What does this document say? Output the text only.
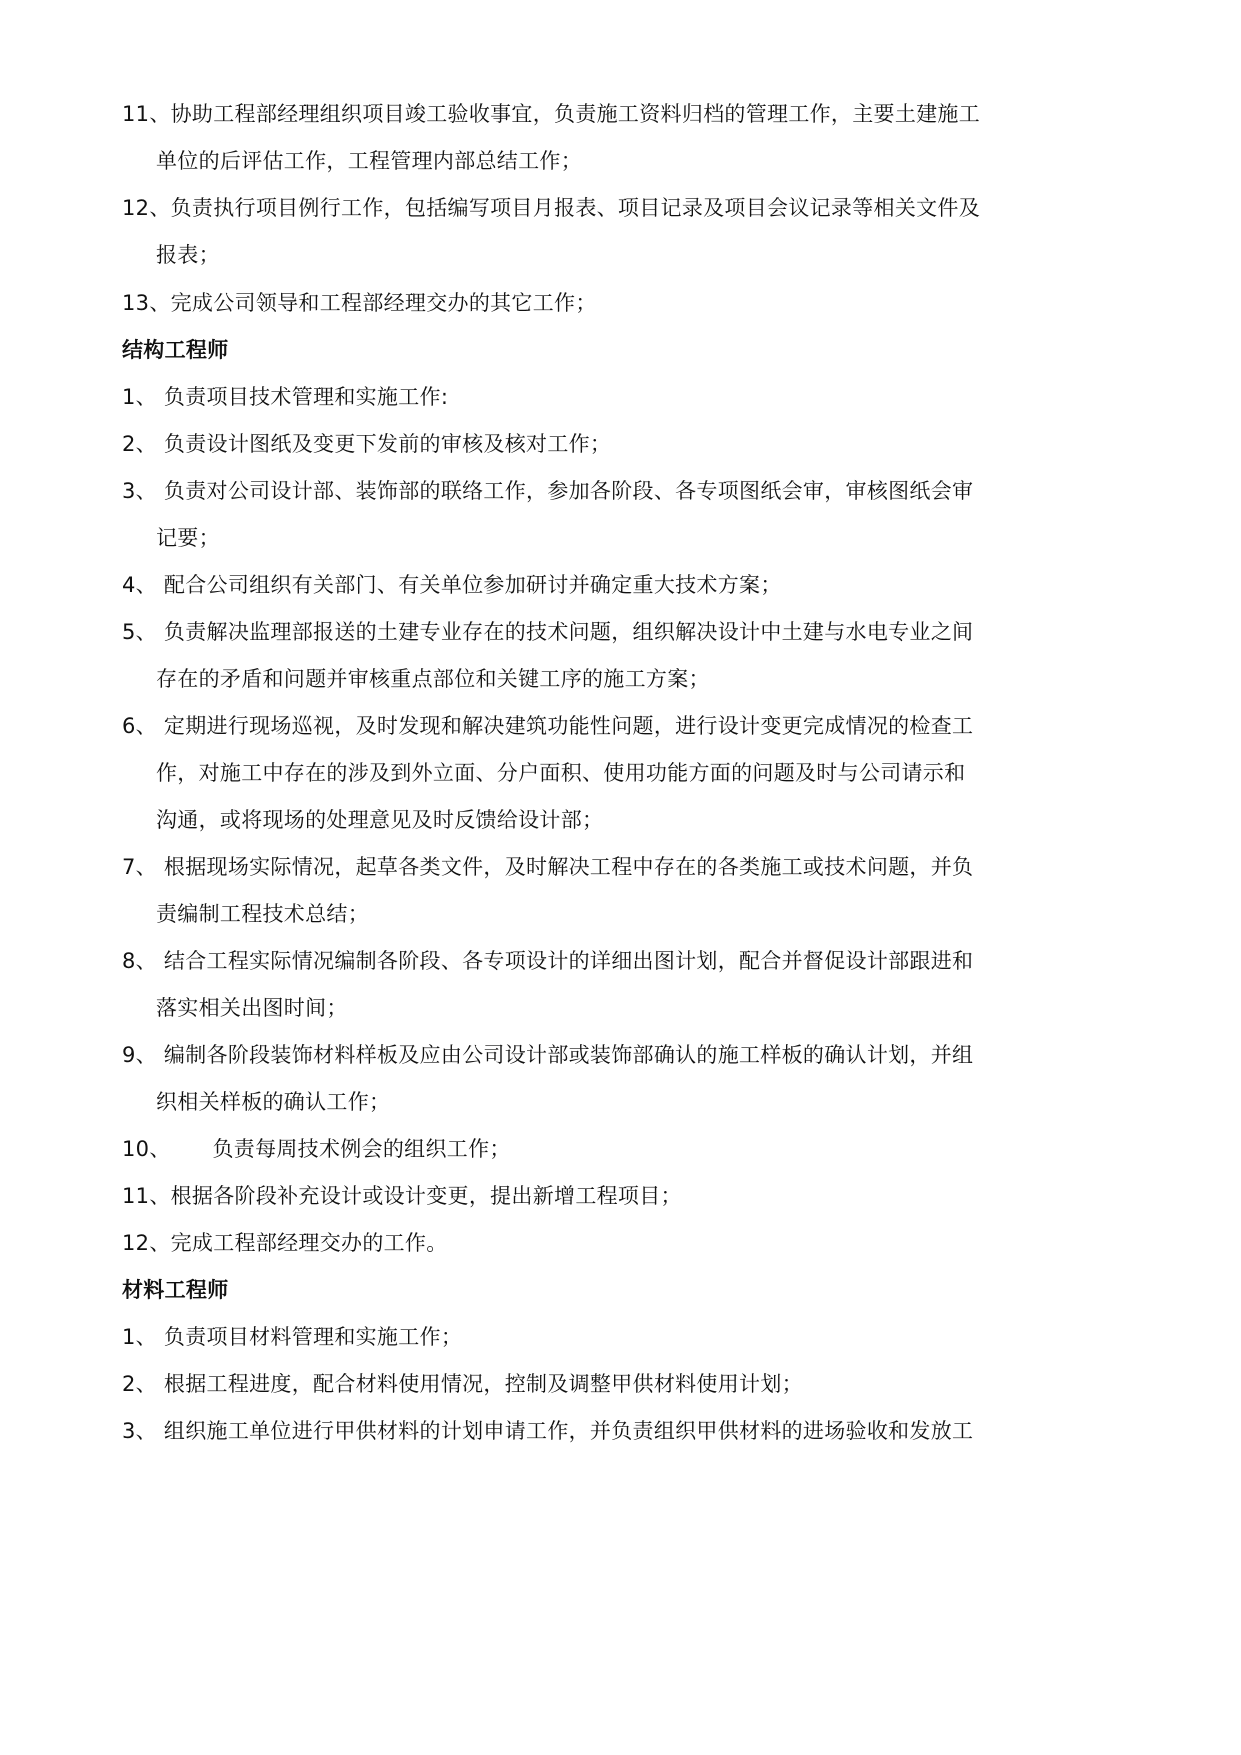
11、协助工程部经理组织项目竣工验收事宜，负责施工资料归档的管理工作，主要土建施工
单位的后评估工作，工程管理内部总结工作；
12、负责执行项目例行工作，包括编写项目月报表、项目记录及项目会议记录等相关文件及
报表；
13、完成公司领导和工程部经理交办的其它工作；
结构工程师
1、 负责项目技术管理和实施工作:
2、 负责设计图纸及变更下发前的审核及核对工作；
3、 负责对公司设计部、装饰部的联络工作，参加各阶段、各专项图纸会审，审核图纸会审
记要；
4、 配合公司组织有关部门、有关单位参加研讨并确定重大技术方案；
5、 负责解决监理部报送的土建专业存在的技术问题，组织解决设计中土建与水电专业之间
存在的矛盾和问题并审核重点部位和关键工序的施工方案；
6、 定期进行现场巡视，及时发现和解决建筑功能性问题，进行设计变更完成情况的检查工
作，对施工中存在的涉及到外立面、分户面积、使用功能方面的问题及时与公司请示和
沟通，或将现场的处理意见及时反馈给设计部；
7、 根据现场实际情况，起草各类文件，及时解决工程中存在的各类施工或技术问题，并负
责编制工程技术总结；
8、 结合工程实际情况编制各阶段、各专项设计的详细出图计划，配合并督促设计部跟进和
落实相关出图时间；
9、 编制各阶段装饰材料样板及应由公司设计部或装饰部确认的施工样板的确认计划，并组
织相关样板的确认工作；
10、      负责每周技术例会的组织工作；
11、根据各阶段补充设计或设计变更，提出新增工程项目；
12、完成工程部经理交办的工作。
材料工程师
1、 负责项目材料管理和实施工作；
2、 根据工程进度，配合材料使用情况，控制及调整甲供材料使用计划；
3、 组织施工单位进行甲供材料的计划申请工作，并负责组织甲供材料的进场验收和发放工
